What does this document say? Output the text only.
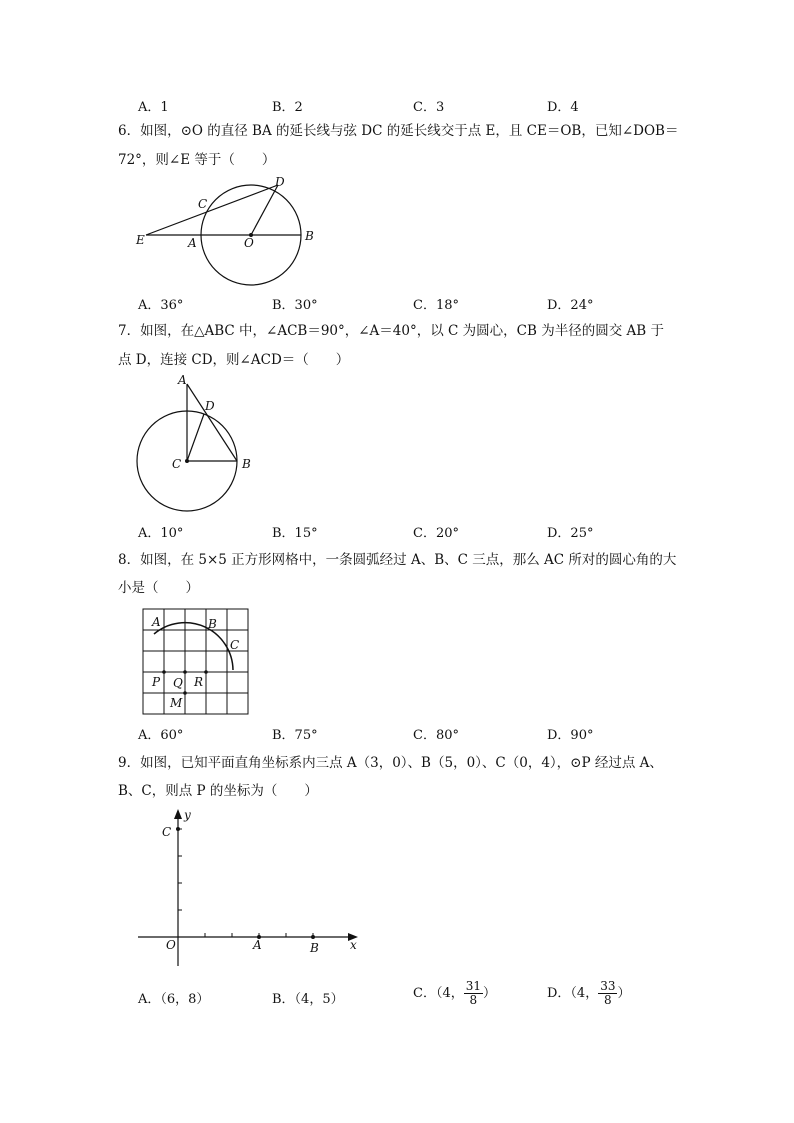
A．1	B．2	C．3	D．4
6．如图，⊙O 的直径 BA 的延长线与弦 DC 的延长线交于点 E，且 CE＝OB，已知∠DOB＝
72°，则∠E 等于（　　）
E	A	O	B
C
D
A．36°	B．30°	C．18°	D．24°
7．如图，在△ABC 中，∠ACB＝90°，∠A＝40°，以 C 为圆心，CB 为半径的圆交 AB 于
点 D，连接 CD，则∠ACD＝（　　）
A
D
C	B
A．10°	B．15°	C．20°	D．25°
8．如图，在 5×5 正方形网格中，一条圆弧经过 A、B、C 三点，那么 AC 所对的圆心角的大
小是（　　）
A	B
C
P Q R
M
A．60°	B．75°	C．80°	D．90°
9．如图，已知平面直角坐标系内三点 A（3，0）、B（5，0）、C（0，4），⊙P 经过点 A、
B、C，则点 P 的坐标为（　　）
y
C
O	A	B	x
A．（6，8）	B．（4，5）	C．（4， $\frac{31}{8}$ ）	D．（4， $\frac{33}{8}$ ）
